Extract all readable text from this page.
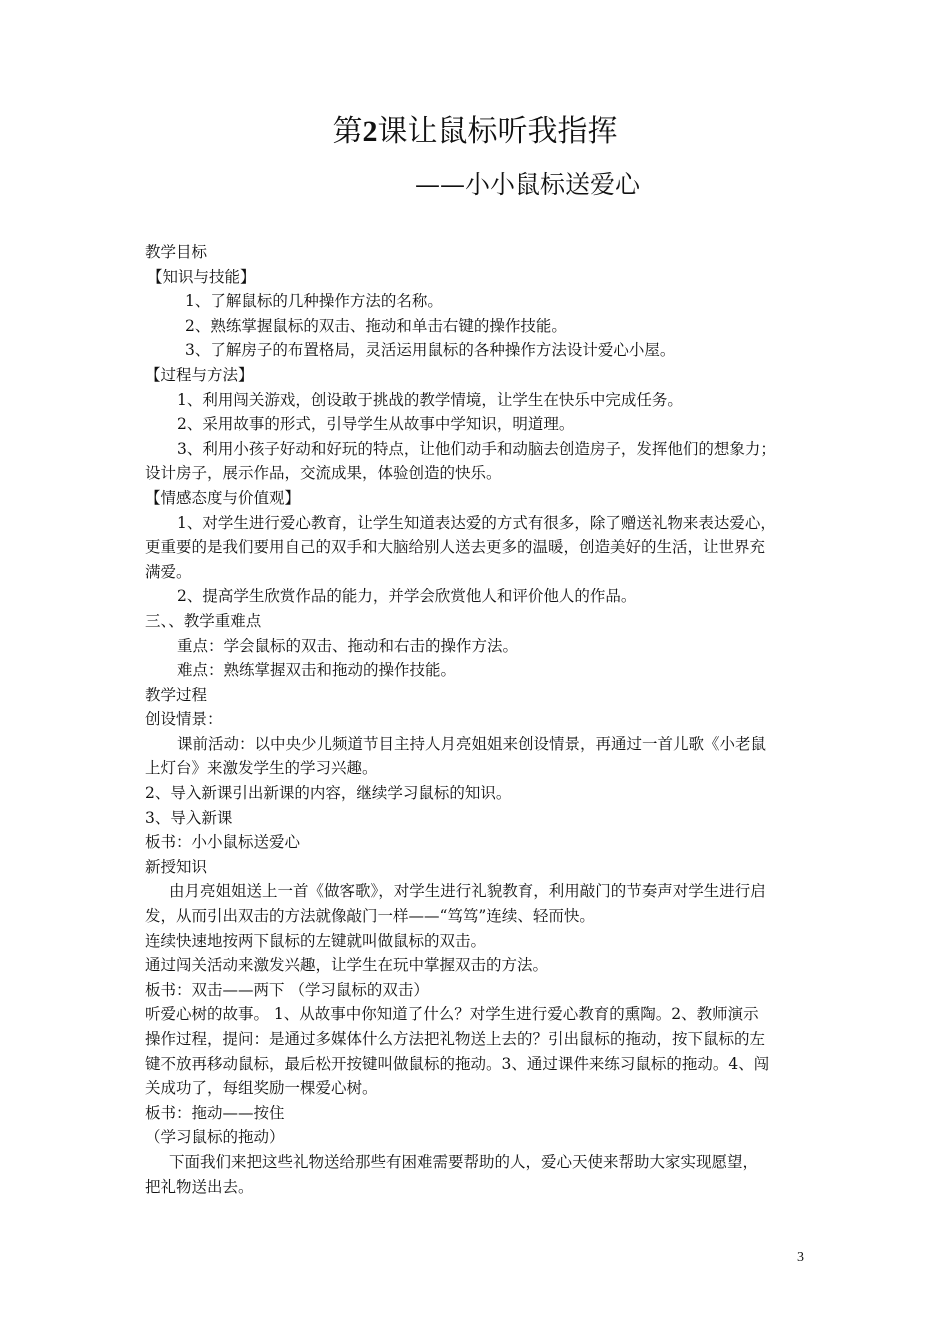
第2课让鼠标听我指挥
——小小鼠标送爱心
教学目标
【知识与技能】
1、了解鼠标的几种操作方法的名称。
2、熟练掌握鼠标的双击、拖动和单击右键的操作技能。
3、了解房子的布置格局，灵活运用鼠标的各种操作方法设计爱心小屋。
【过程与方法】
1、利用闯关游戏，创设敢于挑战的教学情境，让学生在快乐中完成任务。
2、采用故事的形式，引导学生从故事中学知识，明道理。
3、利用小孩子好动和好玩的特点，让他们动手和动脑去创造房子，发挥他们的想象力；
设计房子，展示作品，交流成果，体验创造的快乐。
【情感态度与价值观】
1、对学生进行爱心教育，让学生知道表达爱的方式有很多，除了赠送礼物来表达爱心，
更重要的是我们要用自己的双手和大脑给别人送去更多的温暖，创造美好的生活，让世界充
满爱。
2、提高学生欣赏作品的能力，并学会欣赏他人和评价他人的作品。
三、、教学重难点
重点：学会鼠标的双击、拖动和右击的操作方法。
难点：熟练掌握双击和拖动的操作技能。
教学过程
创设情景：
课前活动：以中央少儿频道节目主持人月亮姐姐来创设情景，再通过一首儿歌《小老鼠
上灯台》来激发学生的学习兴趣。
2、导入新课引出新课的内容，继续学习鼠标的知识。
3、导入新课
板书：小小鼠标送爱心
新授知识
由月亮姐姐送上一首《做客歌》，对学生进行礼貌教育，利用敲门的节奏声对学生进行启
发，从而引出双击的方法就像敲门一样——“笃笃”连续、轻而快。
连续快速地按两下鼠标的左键就叫做鼠标的双击。
通过闯关活动来激发兴趣，让学生在玩中掌握双击的方法。
板书：双击——两下 （学习鼠标的双击）
听爱心树的故事。 1、从故事中你知道了什么？对学生进行爱心教育的熏陶。2、教师演示
操作过程，提问：是通过多媒体什么方法把礼物送上去的？引出鼠标的拖动，按下鼠标的左
键不放再移动鼠标，最后松开按键叫做鼠标的拖动。3、通过课件来练习鼠标的拖动。4、闯
关成功了，每组奖励一棵爱心树。
板书：拖动——按住
（学习鼠标的拖动）
下面我们来把这些礼物送给那些有困难需要帮助的人，爱心天使来帮助大家实现愿望，
把礼物送出去。
3
